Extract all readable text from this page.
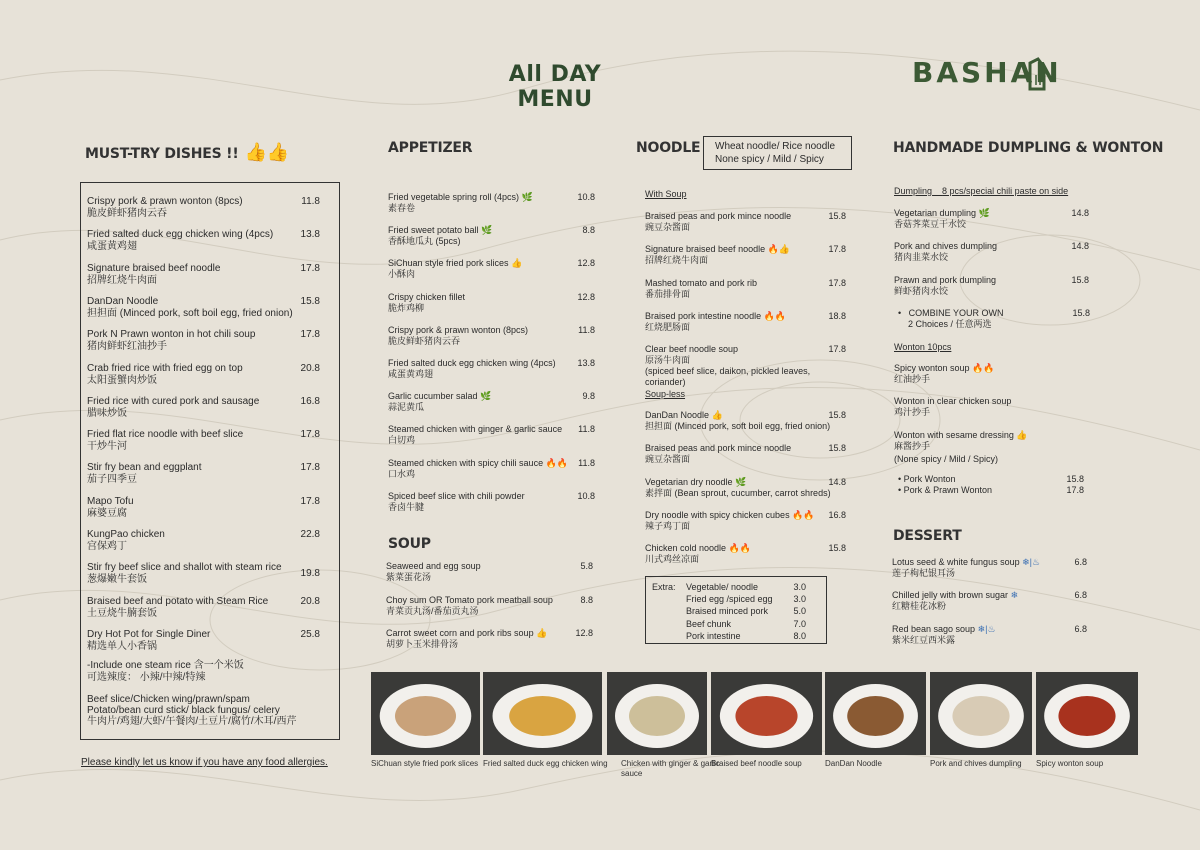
All DAY MENU
BASHAN
MUST-TRY DISHES !! 👍👍
Crispy pork & prawn wonton (8pcs)
脆皮鲜虾猪肉云吞
11.8
Fried salted duck egg chicken wing (4pcs)
咸蛋黄鸡翅
13.8
Signature braised beef noodle
招牌红烧牛肉面
17.8
DanDan Noodle
担担面 (Minced pork, soft boil egg, fried onion)
15.8
Pork N Prawn wonton in hot chili soup
猪肉鲜虾红油抄手
17.8
Crab fried rice with fried egg on top
太阳蛋蟹肉炒饭
20.8
Fried rice with cured pork and sausage
腊味炒饭
16.8
Fried flat rice noodle with beef slice
干炒牛河
17.8
Stir fry bean and eggplant
茄子四季豆
17.8
Mapo Tofu
麻婆豆腐
17.8
KungPao chicken
宫保鸡丁
22.8
Stir fry beef slice and shallot with steam rice
葱爆嫩牛套饭
19.8
Braised beef and potato with Steam Rice
土豆烧牛腩套饭
20.8
Dry Hot Pot for Single Diner
精选单人小香锅
25.8
-Include one steam rice 含一个米饭
可选辣度： 小辣/中辣/特辣
Beef slice/Chicken wing/prawn/spam
Potato/bean curd stick/ black fungus/ celery
牛肉片/鸡翅/大虾/午餐肉/土豆片/腐竹/木耳/西芹
Please kindly let us know if you have any food allergies.
APPETIZER
Fried vegetable spring roll (4pcs) 🌿
素春卷
10.8
Fried sweet potato ball 🌿
香酥地瓜丸 (5pcs)
8.8
SiChuan style fried pork slices 👍
小酥肉
12.8
Crispy chicken fillet
脆炸鸡柳
12.8
Crispy pork & prawn wonton (8pcs)
脆皮鲜虾猪肉云吞
11.8
Fried salted duck egg chicken wing (4pcs)
咸蛋黄鸡翅
13.8
Garlic cucumber salad 🌿
蒜泥黄瓜
9.8
Steamed chicken with ginger & garlic sauce
白切鸡
11.8
Steamed chicken with spicy chili sauce 🔥🔥
口水鸡
11.8
Spiced beef slice with chili powder
香卤牛腱
10.8
SOUP
Seaweed and egg soup
紫菜蛋花汤
5.8
Choy sum OR Tomato pork meatball soup
青菜贡丸汤/番茄贡丸汤
8.8
Carrot sweet corn and pork ribs soup 👍
胡萝卜玉米排骨汤
12.8
NOODLE Wheat noodle/ Rice noodle
None spicy / Mild / Spicy
With Soup
Braised peas and pork mince noodle
豌豆杂酱面
15.8
Signature braised beef noodle 🔥👍
招牌红烧牛肉面
17.8
Mashed tomato and pork rib
番茄排骨面
17.8
Braised pork intestine noodle 🔥🔥
红烧肥肠面
18.8
Clear beef noodle soup
原汤牛肉面
(spiced beef slice, daikon, pickled leaves, coriander)
17.8
Soup-less
DanDan Noodle 👍
担担面 (Minced pork, soft boil egg, fried onion)
15.8
Braised peas and pork mince noodle
豌豆杂酱面
15.8
Vegetarian dry noodle 🌿
素拌面 (Bean sprout, cucumber, carrot shreds)
14.8
Dry noodle with spicy chicken cubes 🔥🔥
辣子鸡丁面
16.8
Chicken cold noodle 🔥🔥
川式鸡丝凉面
15.8
Extra: Vegetable/ noodle	3.0
Fried egg /spiced egg	3.0
Braised minced pork	5.0
Beef chunk	7.0
Pork intestine	8.0
HANDMADE DUMPLING & WONTON
Dumpling 8 pcs/special chili paste on side
Vegetarian dumpling 🌿
香菇荠菜豆干水饺
14.8
Pork and chives dumpling
猪肉韭菜水饺
14.8
Prawn and pork dumpling
鲜虾猪肉水饺
15.8
•   COMBINE YOUR OWN
2 Choices / 任意两选
15.8
Wonton 10pcs
Spicy wonton soup 🔥🔥
红油抄手
Wonton in clear chicken soup
鸡汁抄手
Wonton with sesame dressing 👍
麻酱抄手
(None spicy / Mild / Spicy)
• Pork Wonton	15.8
• Pork & Prawn Wonton	17.8
DESSERT
Lotus seed & white fungus soup ❄|♨
莲子枸杞银耳汤
6.8
Chilled jelly with brown sugar ❄
红糖桂花冰粉
6.8
Red bean sago soup ❄|♨
紫米红豆西米露
6.8
SiChuan style fried pork slices Fried salted duck egg chicken wing	Chicken with ginger & garlic sauce
Braised beef noodle soup	DanDan Noodle	Pork and chives dumpling	Spicy wonton soup
